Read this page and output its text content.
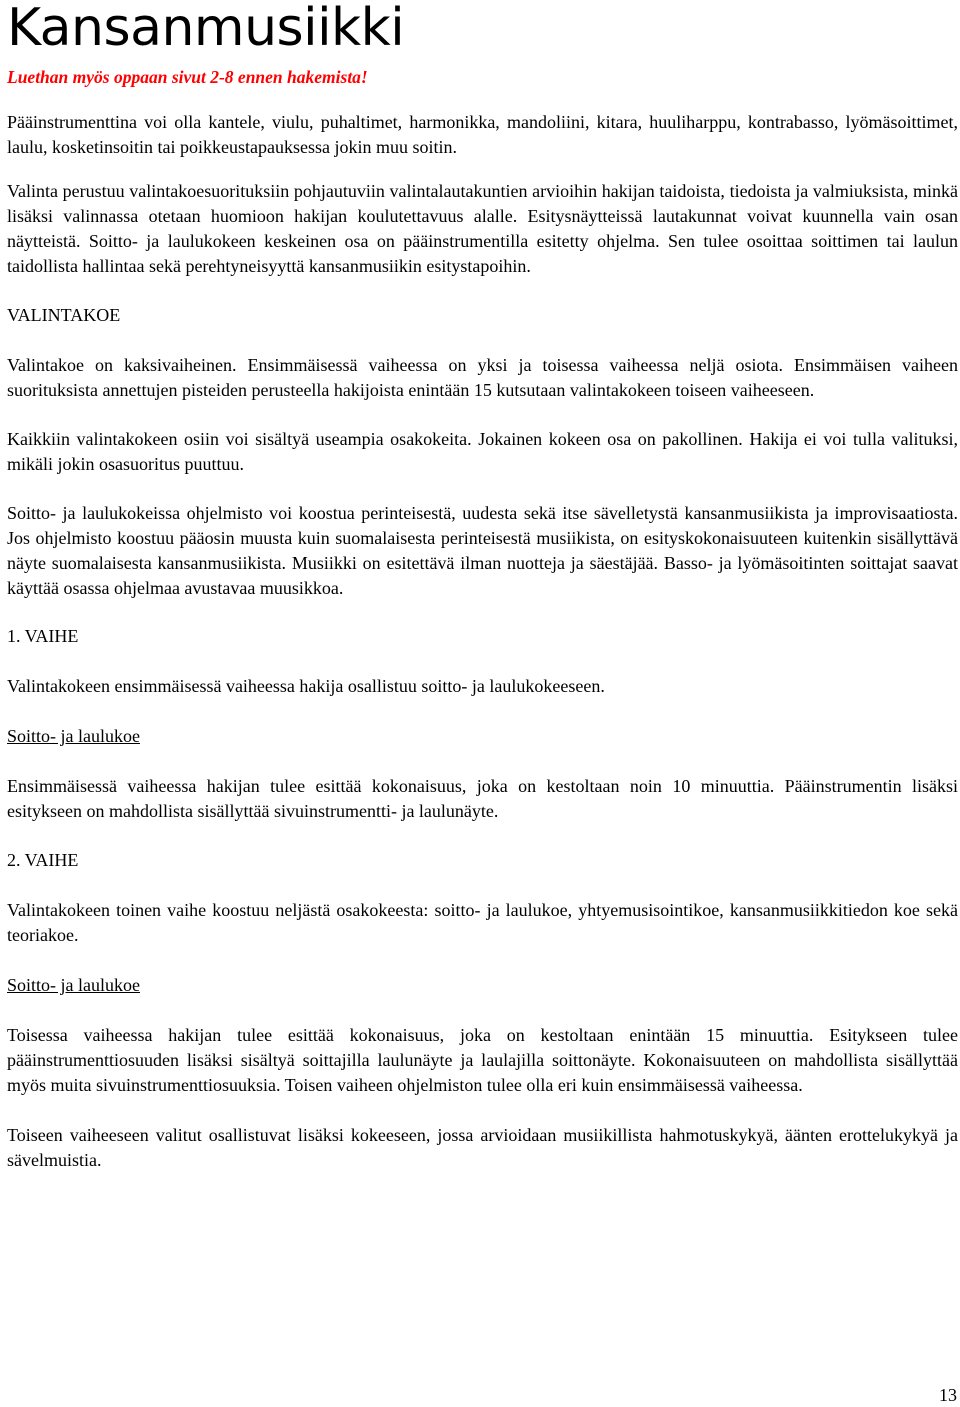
Kansanmusiikki
Luethan myös oppaan sivut 2-8 ennen hakemista!

Pääinstrumenttina voi olla kantele, viulu, puhaltimet, harmonikka, mandoliini, kitara, huuliharppu, kontrabasso, lyömäsoittimet, laulu, kosketinsoitin tai poikkeustapauksessa jokin muu soitin.

Valinta perustuu valintakoesuorituksiin pohjautuviin valintalautakuntien arvioihin hakijan taidoista, tiedoista ja valmiuksista, minkä lisäksi valinnassa otetaan huomioon hakijan koulutettavuus alalle. Esitysnäytteissä lautakunnat voivat kuunnella vain osan näytteistä. Soitto- ja laulukokeen keskeinen osa on pääinstrumentilla esitetty ohjelma. Sen tulee osoittaa soittimen tai laulun taidollista hallintaa sekä perehtyneisyyttä kansanmusiikin esitystapoihin.

VALINTAKOE

Valintakoe on kaksivaiheinen. Ensimmäisessä vaiheessa on yksi ja toisessa vaiheessa neljä osiota. Ensimmäisen vaiheen suorituksista annettujen pisteiden perusteella hakijoista enintään 15 kutsutaan valintakokeen toiseen vaiheeseen.

Kaikkiin valintakokeen osiin voi sisältyä useampia osakokeita. Jokainen kokeen osa on pakollinen. Hakija ei voi tulla valituksi, mikäli jokin osasuoritus puuttuu.

Soitto- ja laulukokeissa ohjelmisto voi koostua perinteisestä, uudesta sekä itse sävelletystä kansanmusiikista ja improvisaatiosta. Jos ohjelmisto koostuu pääosin muusta kuin suomalaisesta perinteisestä musiikista, on esityskokonaisuuteen kuitenkin sisällyttävä näyte suomalaisesta kansanmusiikista. Musiikki on esitettävä ilman nuotteja ja säestäjää. Basso- ja lyömäsoitinten soittajat saavat käyttää osassa ohjelmaa avustavaa muusikkoa.

1. VAIHE

Valintakokeen ensimmäisessä vaiheessa hakija osallistuu soitto- ja laulukokeeseen.

Soitto- ja laulukoe

Ensimmäisessä vaiheessa hakijan tulee esittää kokonaisuus, joka on kestoltaan noin 10 minuuttia. Pääinstrumentin lisäksi esitykseen on mahdollista sisällyttää sivuinstrumentti- ja laulunäyte.

2. VAIHE

Valintakokeen toinen vaihe koostuu neljästä osakokeesta: soitto- ja laulukoe, yhtyemusisointikoe, kansanmusiikkitiedon koe sekä teoriakoe.

Soitto- ja laulukoe

Toisessa vaiheessa hakijan tulee esittää kokonaisuus, joka on kestoltaan enintään 15 minuuttia. Esitykseen tulee pääinstrumenttiosuuden lisäksi sisältyä soittajilla laulunäyte ja laulajilla soittonäyte. Kokonaisuuteen on mahdollista sisällyttää myös muita sivuinstrumenttiosuuksia. Toisen vaiheen ohjelmiston tulee olla eri kuin ensimmäisessä vaiheessa.

Toiseen vaiheeseen valitut osallistuvat lisäksi kokeeseen, jossa arvioidaan musiikillista hahmotuskykyä, äänten erottelukykyä ja sävelmuistia.

13
